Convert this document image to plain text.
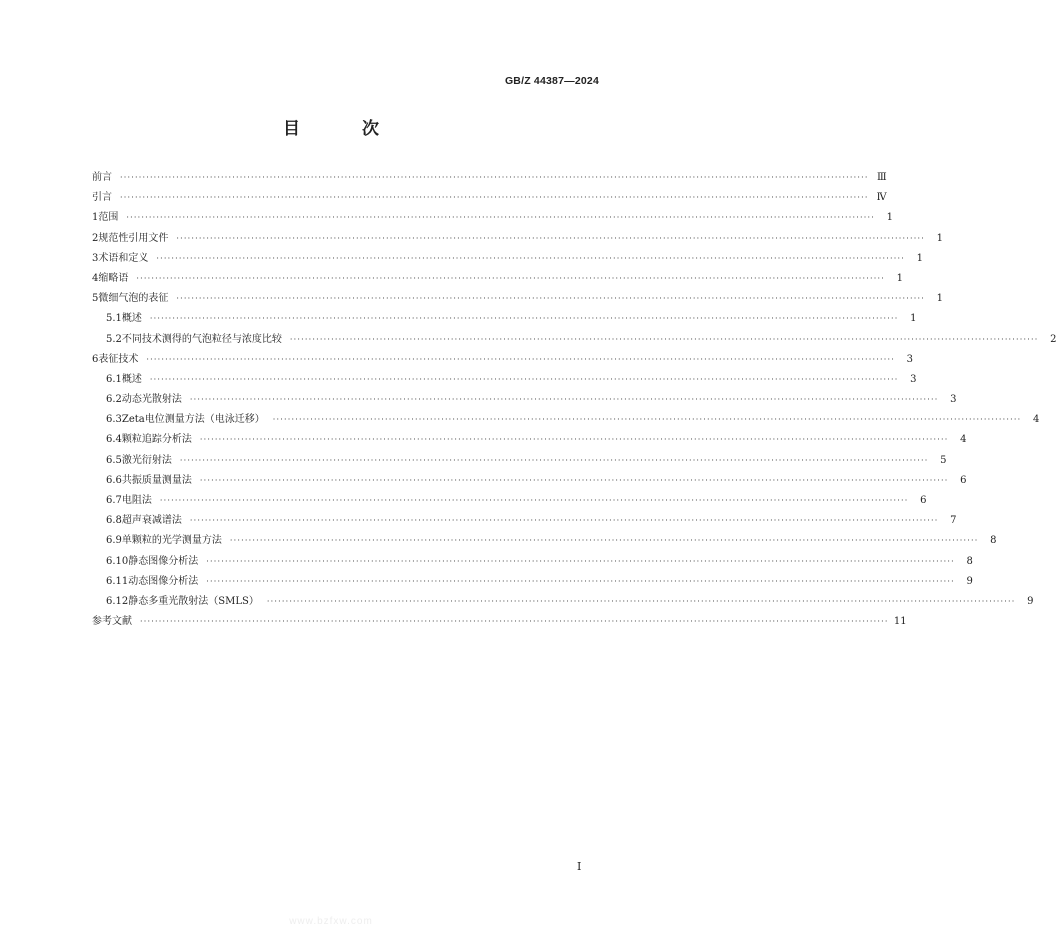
GB/Z 44387—2024
目 次
前言	········································································································································································································ Ⅲ
引言	········································································································································································································ Ⅳ
1 范围	········································································································································································································	1
2 规范性引用文件	········································································································································································································	1
3 术语和定义	········································································································································································································	1
4 缩略语	········································································································································································································	1
5 微细气泡的表征	········································································································································································································	1
5.1 概述	········································································································································································································	1
5.2 不同技术测得的气泡粒径与浓度比较	········································································································································································································	2
6 表征技术	········································································································································································································	3
6.1 概述	········································································································································································································	3
6.2 动态光散射法	········································································································································································································	3
6.3 Zeta电位测量方法（电泳迁移）	········································································································································································································	4
6.4 颗粒追踪分析法	········································································································································································································	4
6.5 激光衍射法	········································································································································································································	5
6.6 共振质量测量法	········································································································································································································	6
6.7 电阻法	········································································································································································································	6
6.8 超声衰减谱法	········································································································································································································	7
6.9 单颗粒的光学测量方法	········································································································································································································	8
6.10 静态图像分析法	········································································································································································································	8
6.11 动态图像分析法	········································································································································································································	9
6.12 静态多重光散射法（SMLS）	········································································································································································································	9
参考文献	········································································································································································································ 11
I
www.bzfxw.com
